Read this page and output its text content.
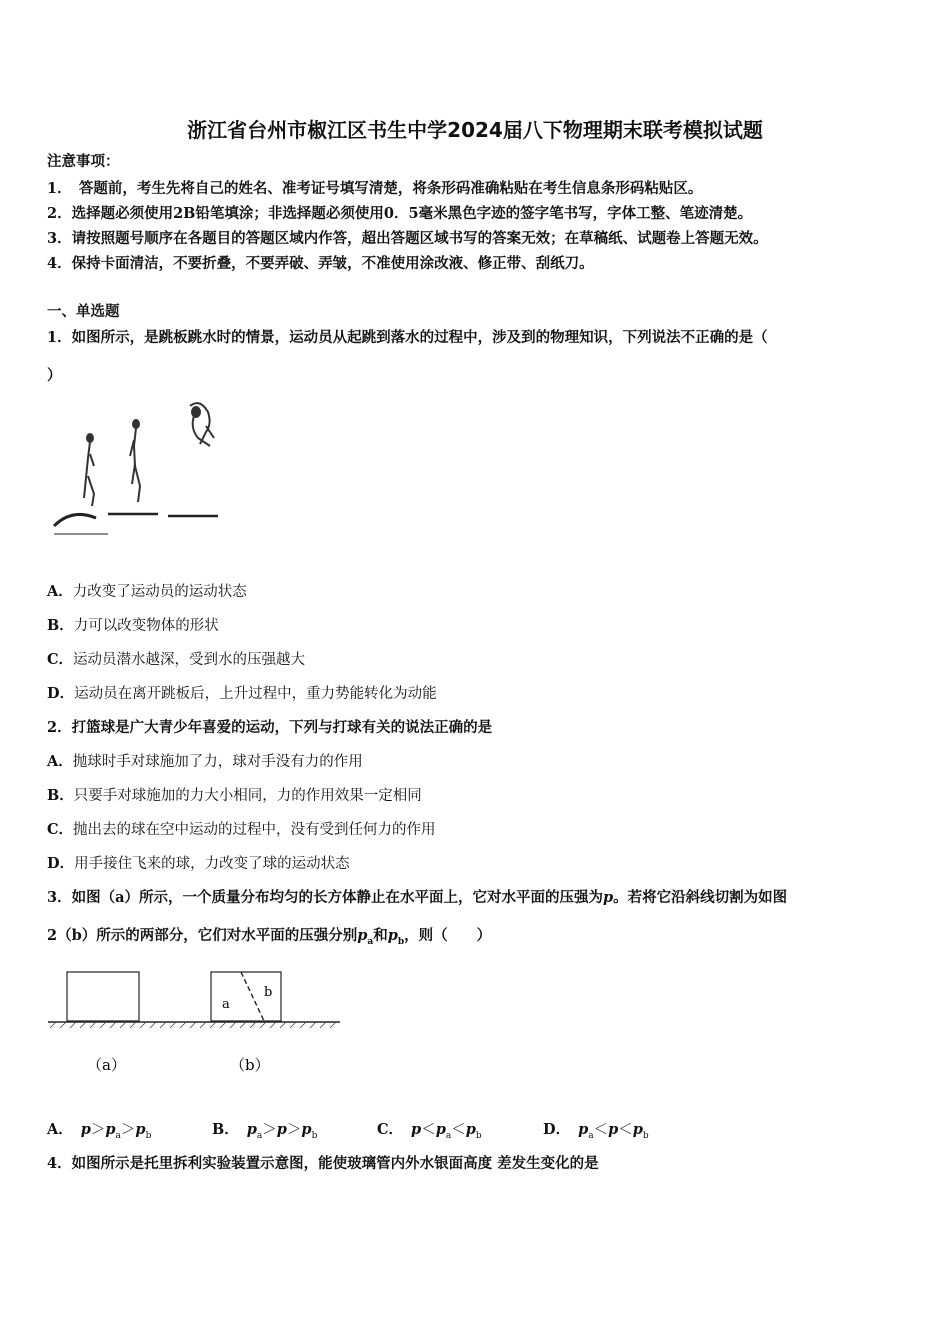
浙江省台州市椒江区书生中学2024届八下物理期末联考模拟试题
注意事项：
1．　答题前，考生先将自己的姓名、准考证号填写清楚，将条形码准确粘贴在考生信息条形码粘贴区。
2．选择题必须使用2B铅笔填涂；非选择题必须使用0．5毫米黑色字迹的签字笔书写，字体工整、笔迹清楚。
3．请按照题号顺序在各题目的答题区域内作答，超出答题区域书写的答案无效；在草稿纸、试题卷上答题无效。
4．保持卡面清洁，不要折叠，不要弄破、弄皱，不准使用涂改液、修正带、刮纸刀。
一、单选题
1．如图所示，是跳板跳水时的情景，运动员从起跳到落水的过程中，涉及到的物理知识，下列说法不正确的是（
）
A．力改变了运动员的运动状态
B．力可以改变物体的形状
C．运动员潜水越深，受到水的压强越大
D．运动员在离开跳板后，上升过程中，重力势能转化为动能
2．打篮球是广大青少年喜爱的运动，下列与打球有关的说法正确的是
A．抛球时手对球施加了力，球对手没有力的作用
B．只要手对球施加的力大小相同，力的作用效果一定相同
C．抛出去的球在空中运动的过程中，没有受到任何力的作用
D．用手接住飞来的球，力改变了球的运动状态
3．如图（a）所示，一个质量分布均匀的长方体静止在水平面上，它对水平面的压强为p。若将它沿斜线切割为如图
2（b）所示的两部分，它们对水平面的压强分别$p_a$和$p_b$，则（　　）
a
b
（a）	（b）
A． $p>p_a>p_b$	B． $p_a>p>p_b$	C． $p<p_a<p_b$	D． $p_a<p<p_b$
4．如图所示是托里拆利实验装置示意图，能使玻璃管内外水银面高度 差发生变化的是
